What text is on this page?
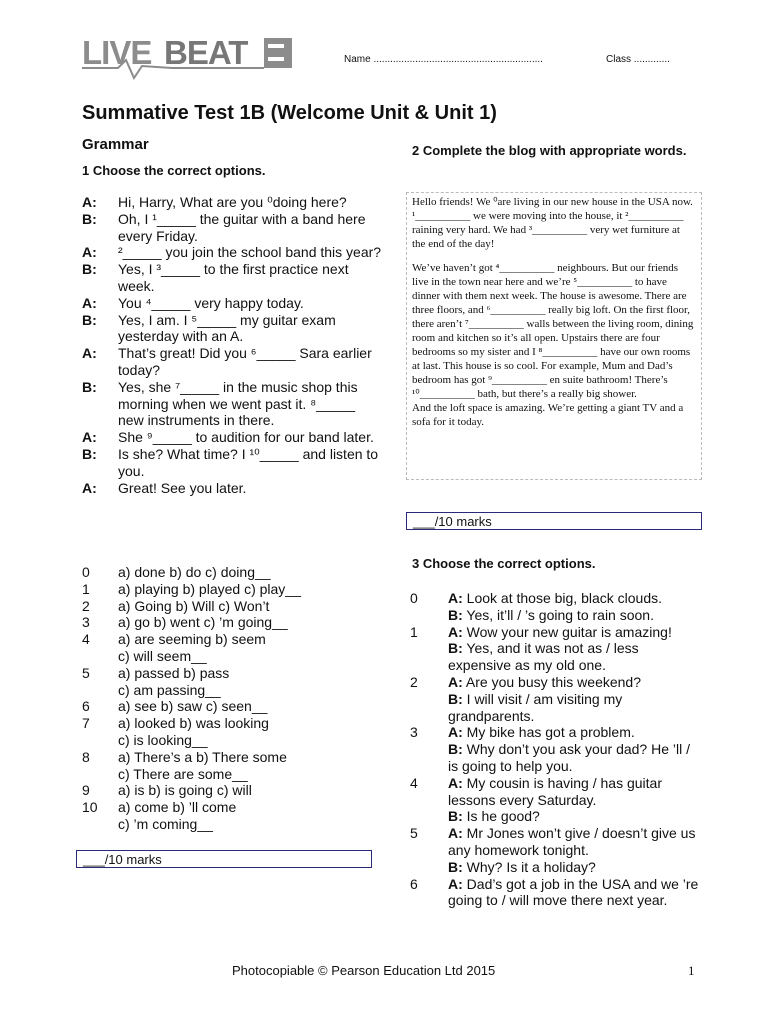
LIVE BEAT	Name .............................................................	Class .............
Summative Test 1B (Welcome Unit & Unit 1)
Grammar
1 Choose the correct options.
A:	Hi, Harry, What are you ⁰doing here?
B:	Oh, I ¹_____ the guitar with a band here every Friday.
A:	²_____ you join the school band this year?
B:	Yes, I ³_____ to the first practice next week.
A:	You ⁴_____ very happy today.
B:	Yes, I am. I ⁵_____ my guitar exam yesterday with an A.
A:	That’s great! Did you ⁶_____ Sara earlier today?
B:	Yes, she ⁷_____ in the music shop this morning when we went past it. ⁸_____ new instruments in there.
A:	She ⁹_____ to audition for our band later.
B:	Is she? What time? I ¹⁰_____ and listen to you.
A:	Great! See you later.
0	a) done b) do c) doing__
1	a) playing b) played c) play__
2	a) Going b) Will c) Won’t
3	a) go b) went c) ’m going__
4	a) are seeming b) seem
c) will seem__
5	a) passed b) pass
c) am passing__
6	a) see b) saw c) seen__
7	a) looked b) was looking
c) is looking__
8	a) There’s a b) There some
c) There are some__
9	a) is b) is going c) will
10	a) come b) ’ll come
c) ’m coming__
___/10 marks
2 Complete the blog with appropriate words.

Hello friends! We ⁰are living in our new house in the USA now. ¹__________ we were moving into the house, it ²__________ raining very hard. We had ³__________ very wet furniture at the end of the day!

We’ve haven’t got ⁴__________ neighbours. But our friends live in the town near here and we’re ⁵__________ to have dinner with them next week. The house is awesome. There are three floors, and ⁶__________ really big loft. On the first floor, there aren’t ⁷__________ walls between the living room, dining room and kitchen so it’s all open. Upstairs there are four bedrooms so my sister and I ⁸__________ have our own rooms at last. This house is so cool. For example, Mum and Dad’s bedroom has got ⁹__________ en suite bathroom! There’s ¹⁰__________ bath, but there’s a really big shower.

And the loft space is amazing. We’re getting a giant TV and a sofa for it today.

___/10 marks
3 Choose the correct options.
0	A: Look at those big, black clouds.
B: Yes, it’ll / ’s going to rain soon.
1	A: Wow your new guitar is amazing!
B: Yes, and it was not as / less expensive as my old one.
2	A: Are you busy this weekend?
B: I will visit / am visiting my grandparents.
3	A: My bike has got a problem.
B: Why don’t you ask your dad? He ’ll / is going to help you.
4	A: My cousin is having / has guitar lessons every Saturday.
B: Is he good?
5	A: Mr Jones won’t give / doesn’t give us any homework tonight.
B: Why? Is it a holiday?
6	A: Dad’s got a job in the USA and we ’re going to / will move there next year.
Photocopiable © Pearson Education Ltd 2015	1
